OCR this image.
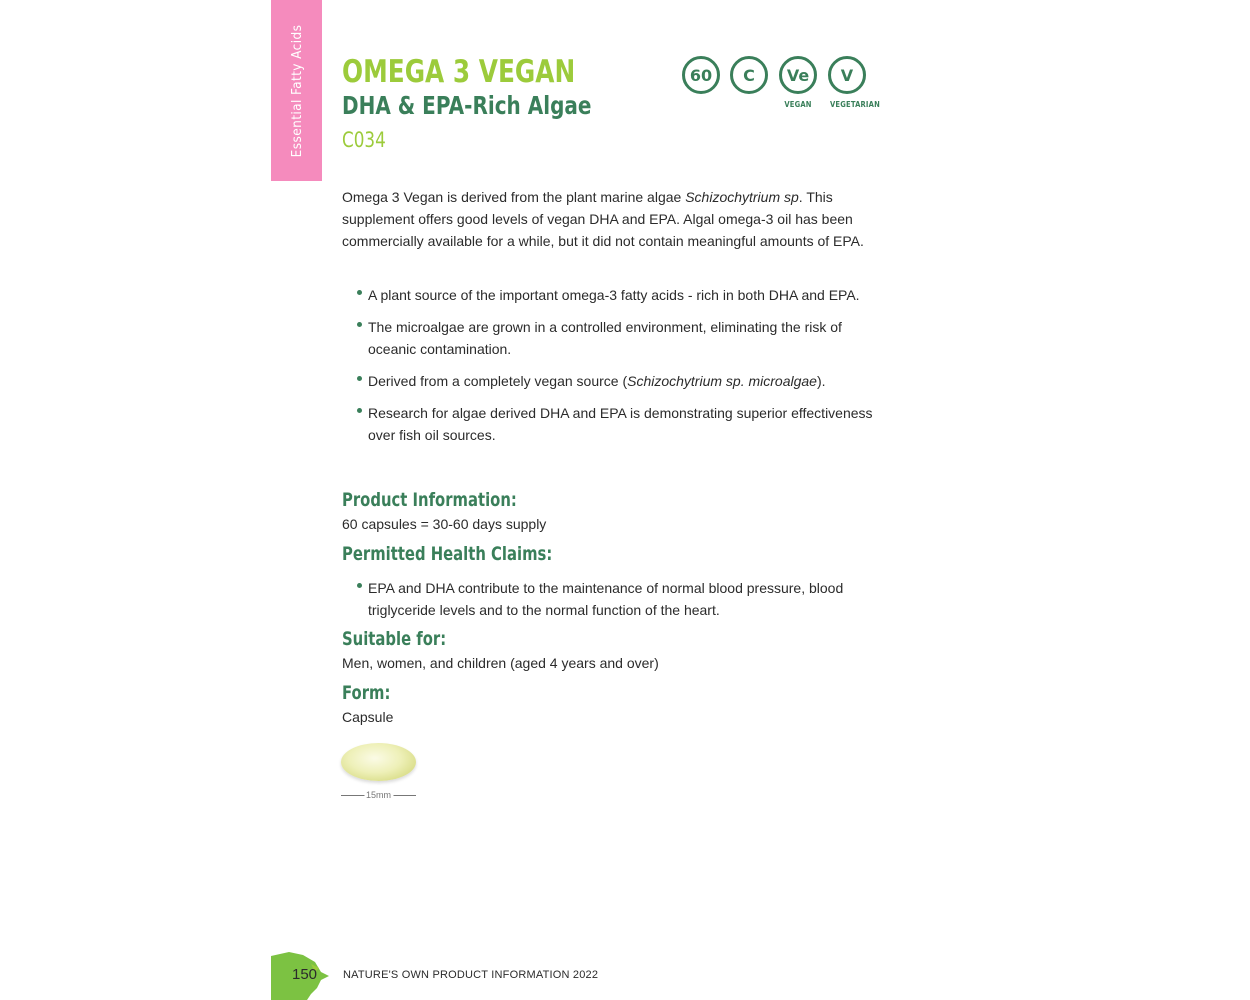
Essential Fatty Acids OMEGA 3 VEGAN
DHA & EPA-Rich Algae
C034
60	C	Ve
VEGAN
V
VEGETARIAN

Omega 3 Vegan is derived from the plant marine algae Schizochytrium sp. This supplement offers good levels of vegan DHA and EPA. Algal omega-3 oil has been commercially available for a while, but it did not contain meaningful amounts of EPA.

A plant source of the important omega-3 fatty acids - rich in both DHA and EPA.
The microalgae are grown in a controlled environment, eliminating the risk of oceanic contamination.
Derived from a completely vegan source (Schizochytrium sp. microalgae).
Research for algae derived DHA and EPA is demonstrating superior effectiveness over fish oil sources.
Product Information:

60 capsules = 30-60 days supply

Permitted Health Claims:
EPA and DHA contribute to the maintenance of normal blood pressure, blood triglyceride levels and to the normal function of the heart.
Suitable for:

Men, women, and children (aged 4 years and over)

Form:

Capsule

15mm
150 NATURE'S OWN PRODUCT INFORMATION 2022
